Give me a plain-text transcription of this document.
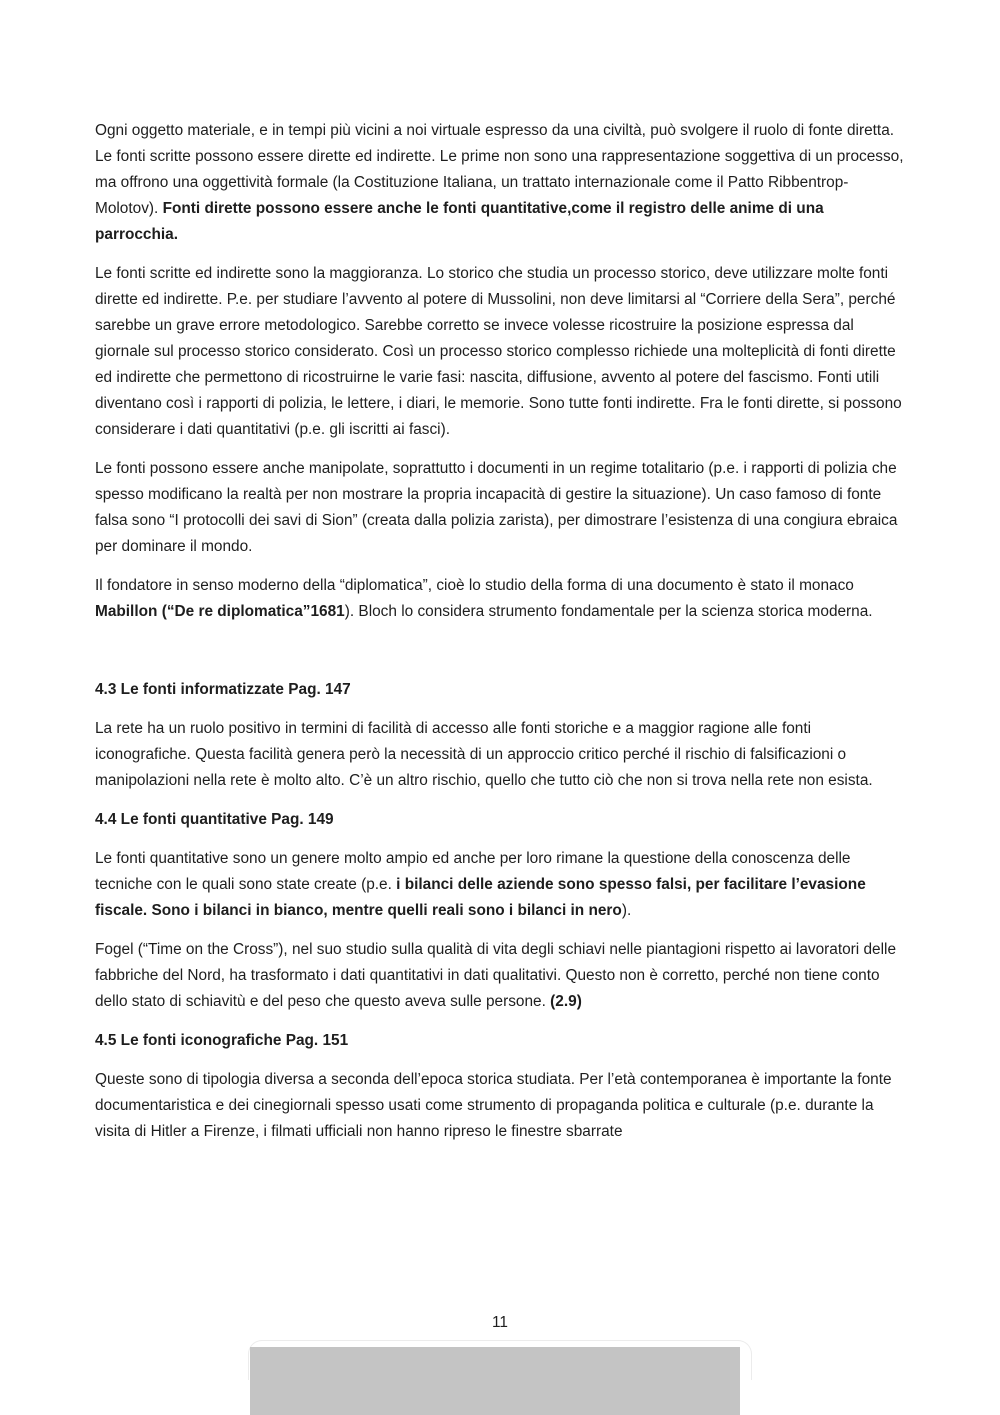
Ogni oggetto materiale, e in tempi più vicini a noi virtuale espresso da una civiltà, può svolgere il ruolo di fonte diretta. Le fonti scritte possono essere dirette ed indirette. Le prime non sono una rappresentazione soggettiva di un processo, ma offrono una oggettività formale (la Costituzione Italiana, un trattato internazionale come il Patto Ribbentrop-Molotov). Fonti dirette possono essere anche le fonti quantitative,come il registro delle anime di una parrocchia.

Le fonti scritte ed indirette sono la maggioranza. Lo storico che studia un processo storico, deve utilizzare molte fonti dirette ed indirette. P.e. per studiare l’avvento al potere di Mussolini, non deve limitarsi al “Corriere della Sera”, perché sarebbe un grave errore metodologico. Sarebbe corretto se invece volesse ricostruire la posizione espressa dal giornale sul processo storico considerato. Così un processo storico complesso richiede una molteplicità di fonti dirette ed indirette che permettono di ricostruirne le varie fasi: nascita, diffusione, avvento al potere del fascismo. Fonti utili diventano così i rapporti di polizia, le lettere, i diari, le memorie. Sono tutte fonti indirette. Fra le fonti dirette, si possono considerare i dati quantitativi (p.e. gli iscritti ai fasci).

Le fonti possono essere anche manipolate, soprattutto i documenti in un regime totalitario (p.e. i rapporti di polizia che spesso modificano la realtà per non mostrare la propria incapacità di gestire la situazione). Un caso famoso di fonte falsa sono “I protocolli dei savi di Sion” (creata dalla polizia zarista), per dimostrare l’esistenza di una congiura ebraica per dominare il mondo.

Il fondatore in senso moderno della “diplomatica”, cioè lo studio della forma di una documento è stato il monaco Mabillon (“De re diplomatica”1681). Bloch lo considera strumento fondamentale per la scienza storica moderna.

4.3 Le fonti informatizzate Pag. 147

La rete ha un ruolo positivo in termini di facilità di accesso alle fonti storiche e a maggior ragione alle fonti iconografiche. Questa facilità genera però la necessità di un approccio critico perché il rischio di falsificazioni o manipolazioni nella rete è molto alto. C’è un altro rischio, quello che tutto ciò che non si trova nella rete non esista.

4.4 Le fonti quantitative Pag. 149

Le fonti quantitative sono un genere molto ampio ed anche per loro rimane la questione della conoscenza delle tecniche con le quali sono state create (p.e. i bilanci delle aziende sono spesso falsi, per facilitare l’evasione fiscale. Sono i bilanci in bianco, mentre quelli reali sono i bilanci in nero).

Fogel (“Time on the Cross”), nel suo studio sulla qualità di vita degli schiavi nelle piantagioni rispetto ai lavoratori delle fabbriche del Nord, ha trasformato i dati quantitativi in dati qualitativi. Questo non è corretto, perché non tiene conto dello stato di schiavitù e del peso che questo aveva sulle persone. (2.9)

4.5 Le fonti iconografiche Pag. 151

Queste sono di tipologia diversa a seconda dell’epoca storica studiata. Per l’età contemporanea è importante la fonte documentaristica e dei cinegiornali spesso usati come strumento di propaganda politica e culturale (p.e. durante la visita di Hitler a Firenze, i filmati ufficiali non hanno ripreso le finestre sbarrate

11
